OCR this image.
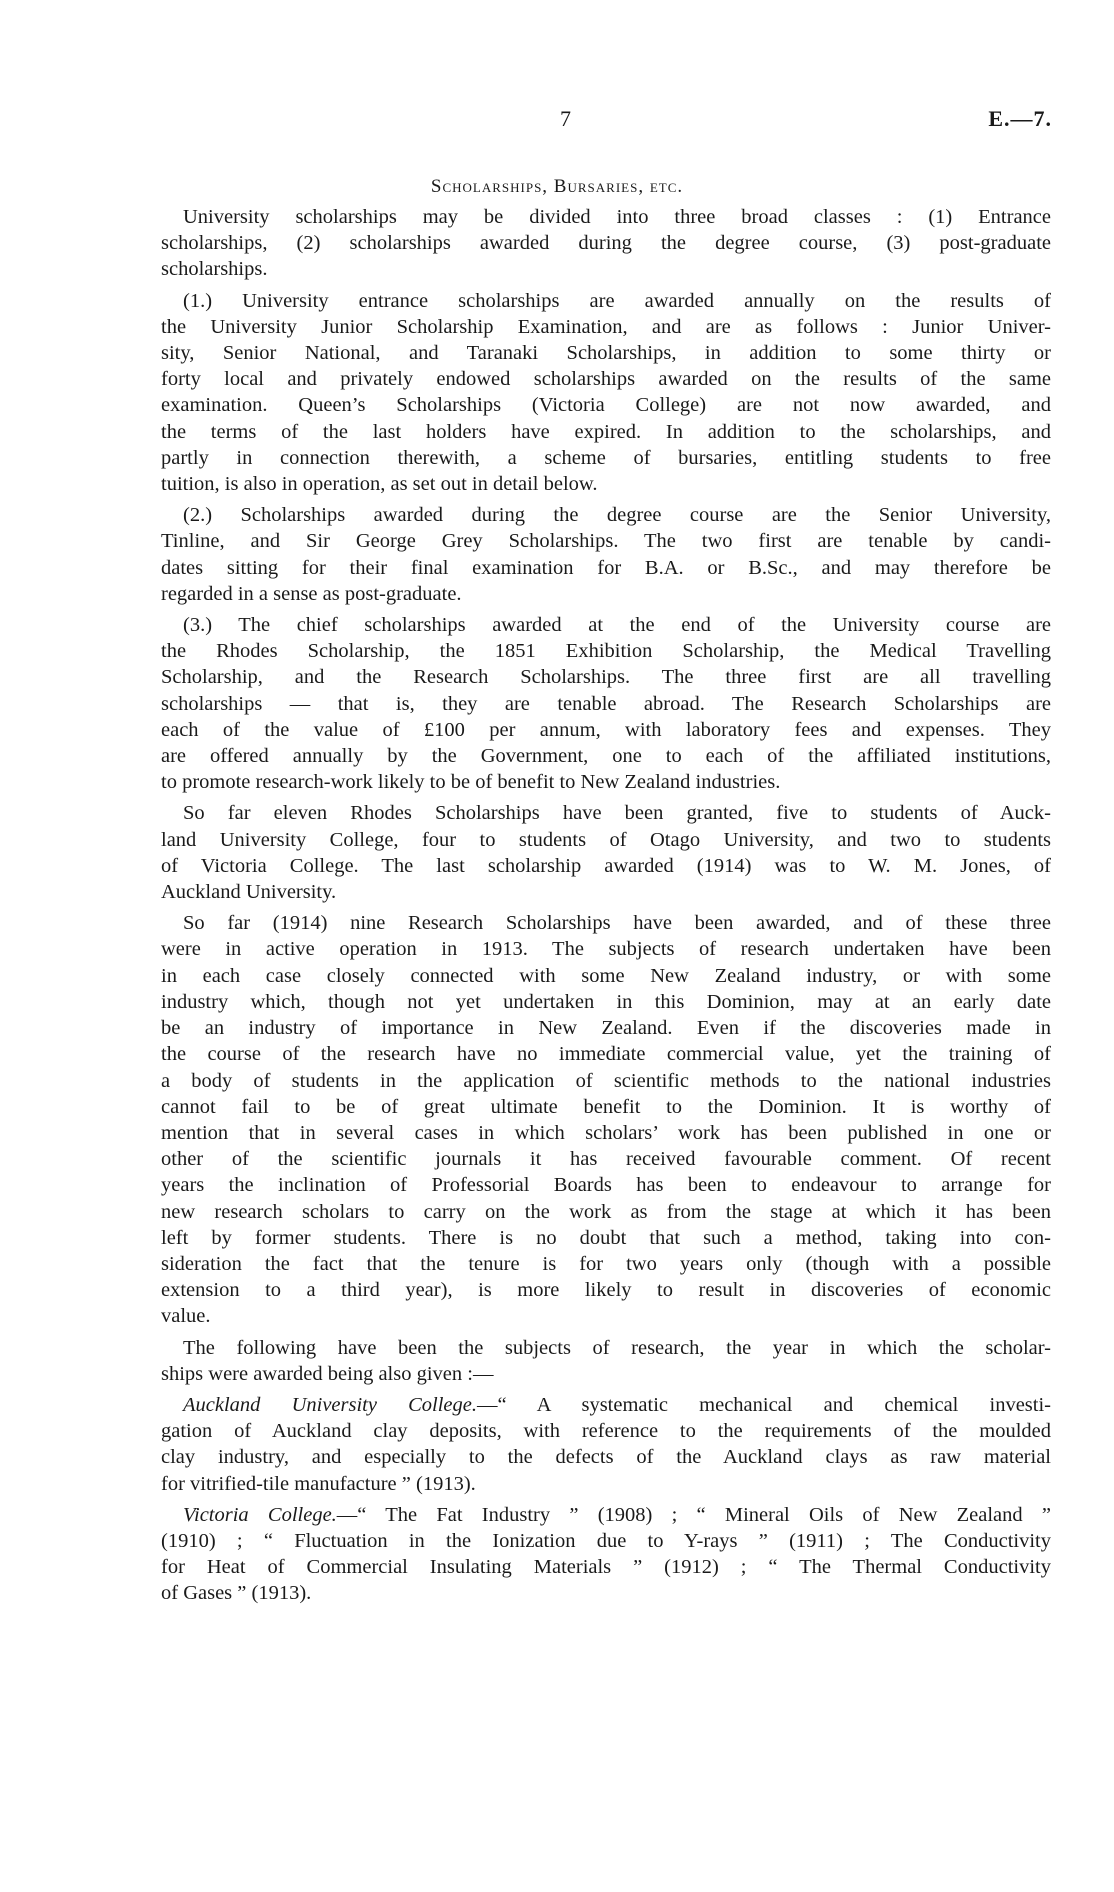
7	E.—7.
Scholarships, Bursaries, etc.
University scholarships may be divided into three broad classes : (1) Entrance
scholarships, (2) scholarships awarded during the degree course, (3) post-graduate
scholarships.
(1.) University entrance scholarships are awarded annually on the results of
the University Junior Scholarship Examination, and are as follows : Junior Univer-
sity, Senior National, and Taranaki Scholarships, in addition to some thirty or
forty local and privately endowed scholarships awarded on the results of the same
examination. Queen’s Scholarships (Victoria College) are not now awarded, and
the terms of the last holders have expired. In addition to the scholarships, and
partly in connection therewith, a scheme of bursaries, entitling students to free
tuition, is also in operation, as set out in detail below.
(2.) Scholarships awarded during the degree course are the Senior University,
Tinline, and Sir George Grey Scholarships. The two first are tenable by candi-
dates sitting for their final examination for B.A. or B.Sc., and may therefore be
regarded in a sense as post-graduate.
(3.) The chief scholarships awarded at the end of the University course are
the Rhodes Scholarship, the 1851 Exhibition Scholarship, the Medical Travelling
Scholarship, and the Research Scholarships. The three first are all travelling
scholarships — that is, they are tenable abroad. The Research Scholarships are
each of the value of £100 per annum, with laboratory fees and expenses. They
are offered annually by the Government, one to each of the affiliated institutions,
to promote research-work likely to be of benefit to New Zealand industries.
So far eleven Rhodes Scholarships have been granted, five to students of Auck-
land University College, four to students of Otago University, and two to students
of Victoria College. The last scholarship awarded (1914) was to W. M. Jones, of
Auckland University.
So far (1914) nine Research Scholarships have been awarded, and of these three
were in active operation in 1913. The subjects of research undertaken have been
in each case closely connected with some New Zealand industry, or with some
industry which, though not yet undertaken in this Dominion, may at an early date
be an industry of importance in New Zealand. Even if the discoveries made in
the course of the research have no immediate commercial value, yet the training of
a body of students in the application of scientific methods to the national industries
cannot fail to be of great ultimate benefit to the Dominion. It is worthy of
mention that in several cases in which scholars’ work has been published in one or
other of the scientific journals it has received favourable comment. Of recent
years the inclination of Professorial Boards has been to endeavour to arrange for
new research scholars to carry on the work as from the stage at which it has been
left by former students. There is no doubt that such a method, taking into con-
sideration the fact that the tenure is for two years only (though with a possible
extension to a third year), is more likely to result in discoveries of economic
value.
The following have been the subjects of research, the year in which the scholar-
ships were awarded being also given :—
Auckland University College.—“ A systematic mechanical and chemical investi-
gation of Auckland clay deposits, with reference to the requirements of the moulded
clay industry, and especially to the defects of the Auckland clays as raw material
for vitrified-tile manufacture ” (1913).
Victoria College.—“ The Fat Industry ” (1908) ; “ Mineral Oils of New Zealand ”
(1910) ; “ Fluctuation in the Ionization due to Y-rays ” (1911) ; The Conductivity
for Heat of Commercial Insulating Materials ” (1912) ; “ The Thermal Conductivity
of Gases ” (1913).
